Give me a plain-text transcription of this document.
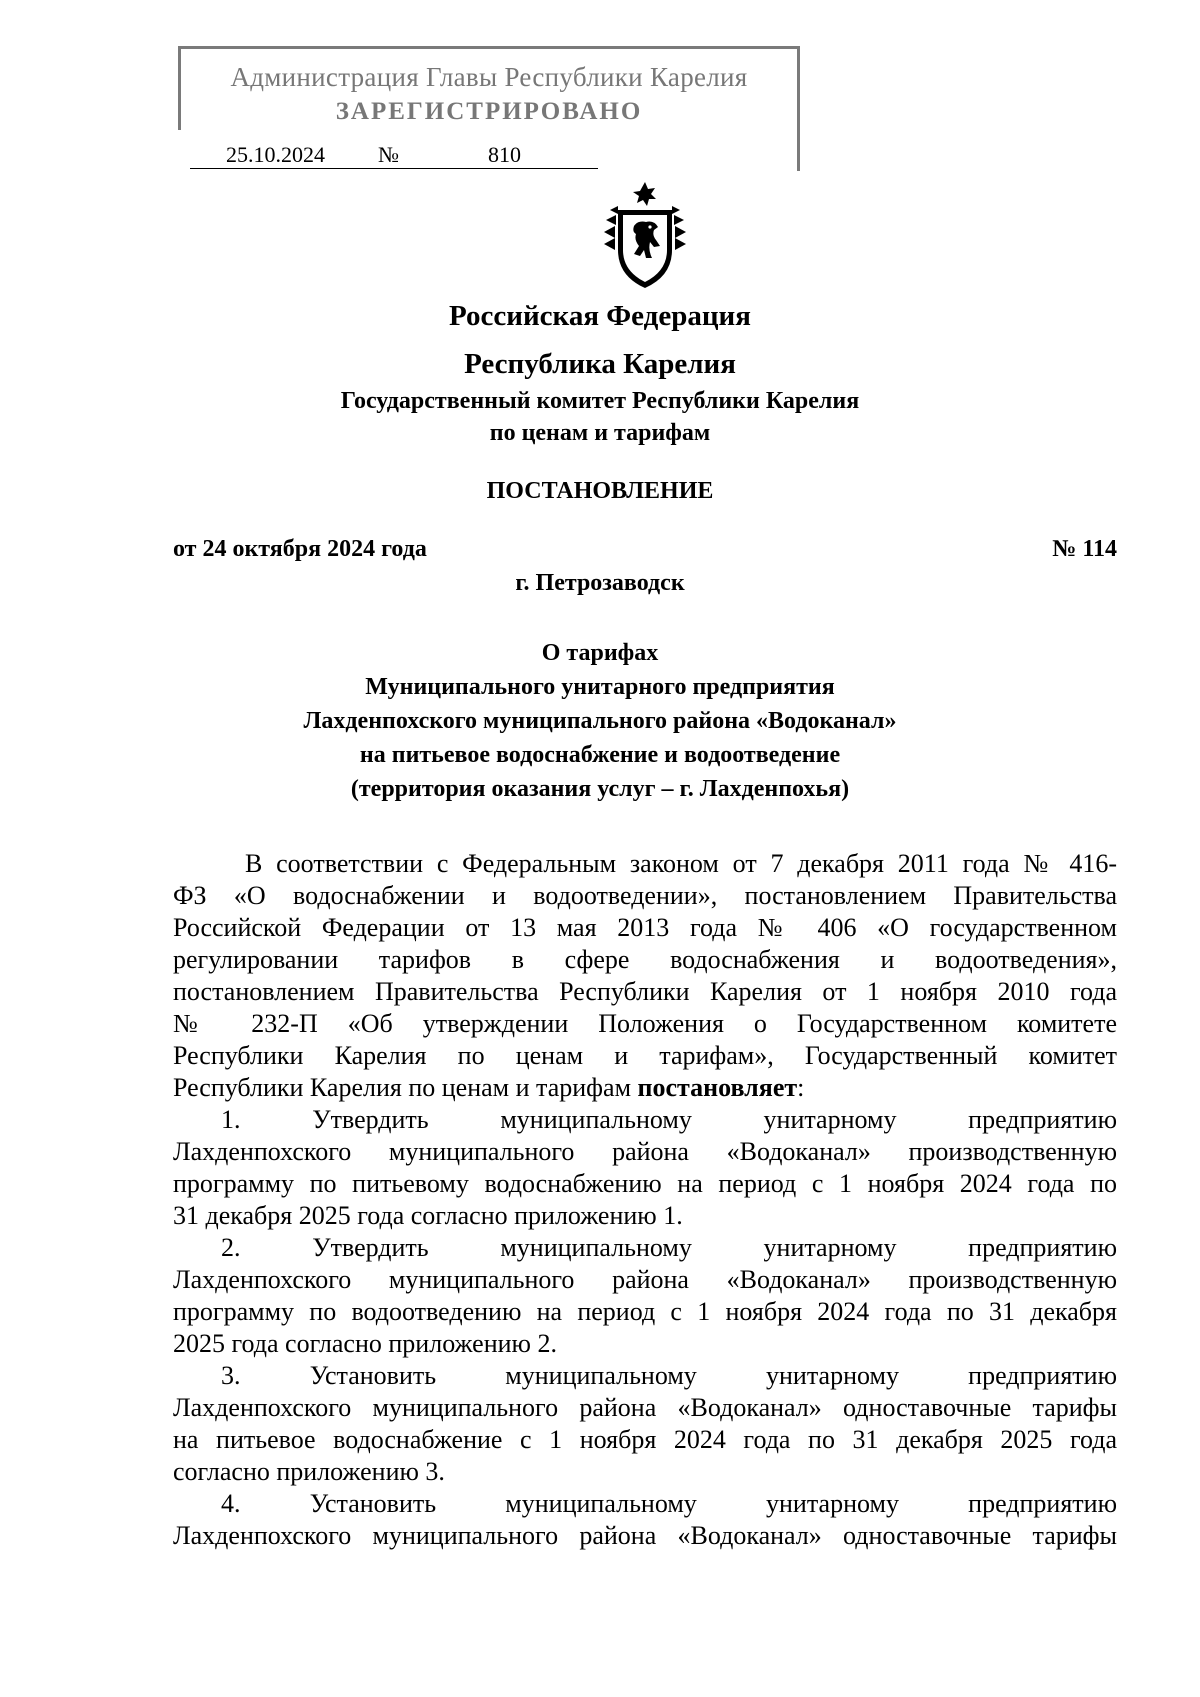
Администрация Главы Республики Карелия
ЗАРЕГИСТРИРОВАНО
25.10.2024 №	810
Российская Федерация
Республика Карелия
Государственный комитет Республики Карелия
по ценам и тарифам
ПОСТАНОВЛЕНИЕ
от 24 октября 2024 года	№ 114
г. Петрозаводск
О тарифах
Муниципального унитарного предприятия
Лахденпохского муниципального района «Водоканал»
на питьевое водоснабжение и водоотведение
(территория оказания услуг – г. Лахденпохья)
В соответствии с Федеральным законом от 7 декабря 2011 года № 416-
ФЗ «О водоснабжении и водоотведении», постановлением Правительства
Российской Федерации от 13 мая 2013 года № 406 «О государственном
регулировании тарифов в сфере водоснабжения и водоотведения»,
постановлением Правительства Республики Карелия от 1 ноября 2010 года
№ 232-П «Об утверждении Положения о Государственном комитете
Республики Карелия по ценам и тарифам», Государственный комитет
Республики Карелия по ценам и тарифам постановляет:
1. Утвердить муниципальному унитарному предприятию
Лахденпохского муниципального района «Водоканал» производственную
программу по питьевому водоснабжению на период с 1 ноября 2024 года по
31 декабря 2025 года согласно приложению 1.
2. Утвердить муниципальному унитарному предприятию
Лахденпохского муниципального района «Водоканал» производственную
программу по водоотведению на период с 1 ноября 2024 года по 31 декабря
2025 года согласно приложению 2.
3. Установить муниципальному унитарному предприятию
Лахденпохского муниципального района «Водоканал» одноставочные тарифы
на питьевое водоснабжение с 1 ноября 2024 года по 31 декабря 2025 года
согласно приложению 3.
4. Установить муниципальному унитарному предприятию
Лахденпохского муниципального района «Водоканал» одноставочные тарифы
